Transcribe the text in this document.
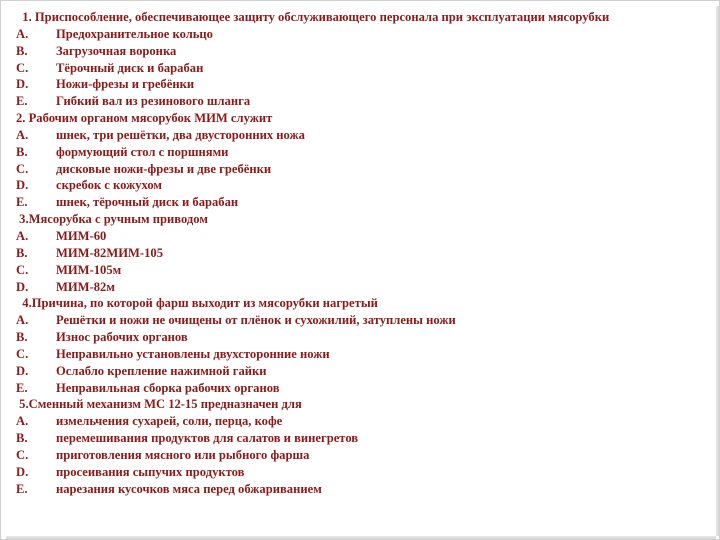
1. Приспособление, обеспечивающее защиту обслуживающего персонала при эксплуатации мясорубки
A. Предохранительное кольцо
B. Загрузочная воронка
C. Тёрочный диск и барабан
D. Ножи-фрезы и гребёнки
E. Гибкий вал из резинового шланга
2. Рабочим органом мясорубок МИМ служит
A. шнек, три решётки, два двусторонних ножа
B. формующий стол с поршнями
C. дисковые ножи-фрезы и две гребёнки
D. скребок с кожухом
E. шнек, тёрочный диск и барабан
3.Мясорубка с ручным приводом
A. МИМ-60
B. МИМ-82МИМ-105
C. МИМ-105м
D. МИМ-82м
4.Причина, по которой фарш выходит из мясорубки нагретый
A. Решётки и ножи не очищены от плёнок и сухожилий, затуплены ножи
B. Износ рабочих органов
C. Неправильно установлены двухсторонние ножи
D. Ослабло крепление нажимной гайки
E. Неправильная сборка рабочих органов
5.Сменный механизм МС 12-15 предназначен для
A. измельчения сухарей, соли, перца, кофе
B. перемешивания продуктов для салатов и винегретов
C. приготовления мясного или рыбного фарша
D. просеивания сыпучих продуктов
E. нарезания кусочков мяса перед обжариванием
